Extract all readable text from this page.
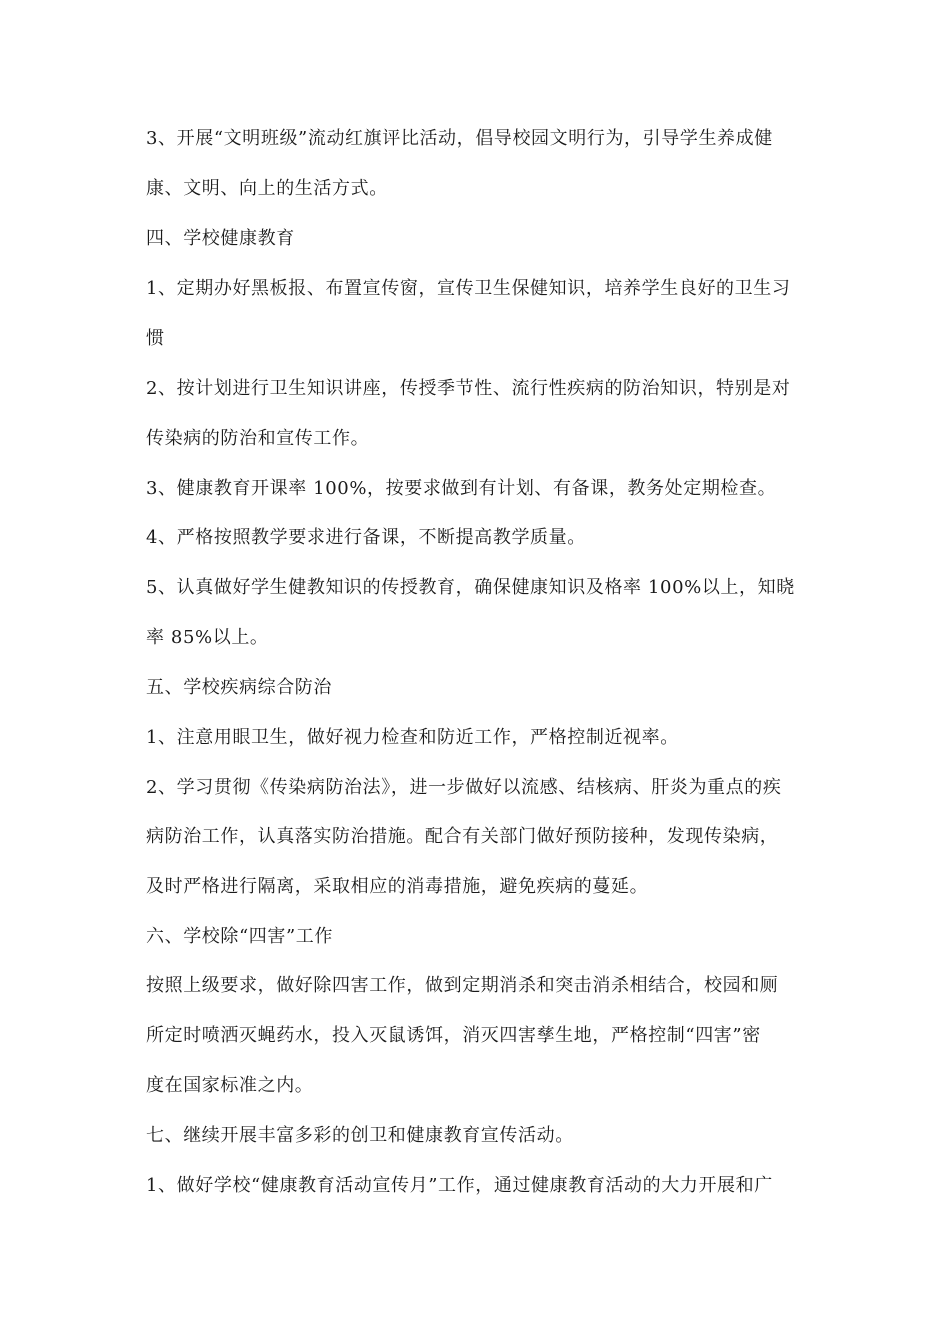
3、开展“文明班级”流动红旗评比活动，倡导校园文明行为，引导学生养成健
康、文明、向上的生活方式。
四、学校健康教育
1、定期办好黑板报、布置宣传窗，宣传卫生保健知识，培养学生良好的卫生习
惯
2、按计划进行卫生知识讲座，传授季节性、流行性疾病的防治知识，特别是对
传染病的防治和宣传工作。
3、健康教育开课率 100%，按要求做到有计划、有备课，教务处定期检查。
4、严格按照教学要求进行备课，不断提高教学质量。
5、认真做好学生健教知识的传授教育，确保健康知识及格率 100%以上，知晓
率 85%以上。
五、学校疾病综合防治
1、注意用眼卫生，做好视力检查和防近工作，严格控制近视率。
2、学习贯彻《传染病防治法》，进一步做好以流感、结核病、肝炎为重点的疾
病防治工作，认真落实防治措施。配合有关部门做好预防接种，发现传染病，
及时严格进行隔离，采取相应的消毒措施，避免疾病的蔓延。
六、学校除“四害”工作
按照上级要求，做好除四害工作，做到定期消杀和突击消杀相结合，校园和厕
所定时喷洒灭蝇药水，投入灭鼠诱饵，消灭四害孳生地，严格控制“四害”密
度在国家标准之内。
七、继续开展丰富多彩的创卫和健康教育宣传活动。
1、做好学校“健康教育活动宣传月”工作，通过健康教育活动的大力开展和广
